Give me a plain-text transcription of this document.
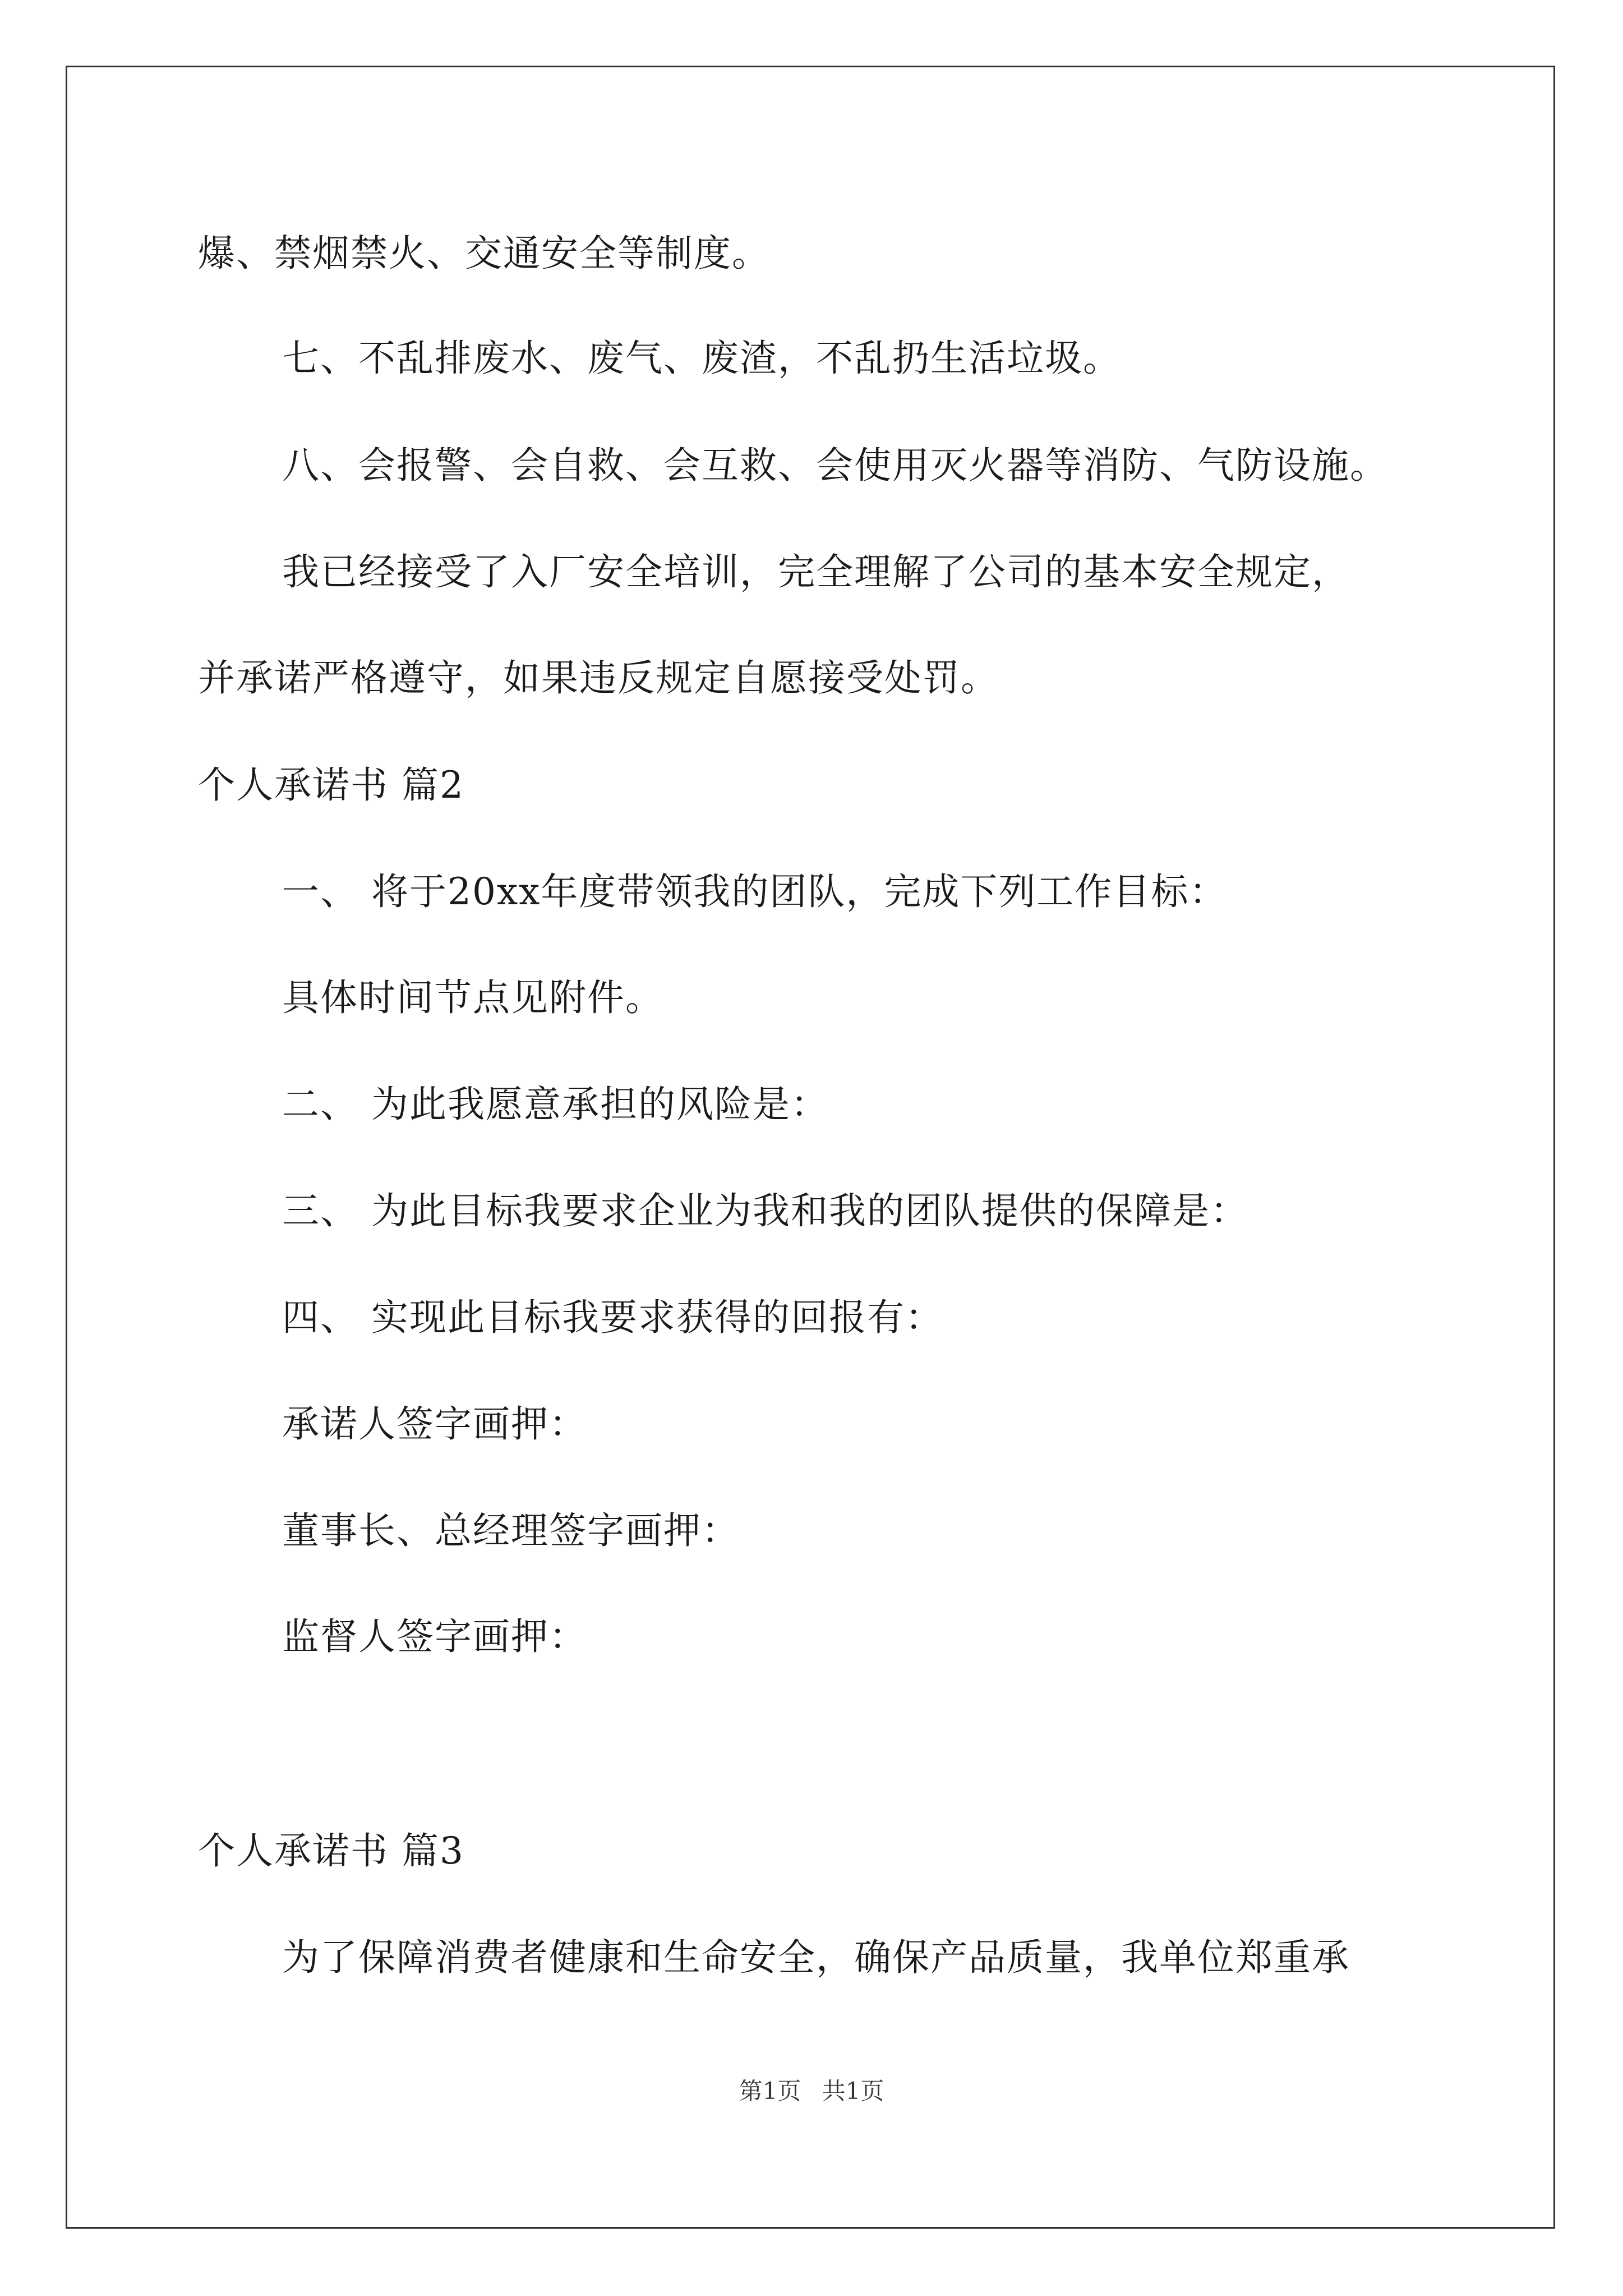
爆、禁烟禁火、交通安全等制度。
七、不乱排废水、废气、废渣，不乱扔生活垃圾。
八、会报警、会自救、会互救、会使用灭火器等消防、气防设施。
我已经接受了入厂安全培训，完全理解了公司的基本安全规定，
并承诺严格遵守，如果违反规定自愿接受处罚。
个人承诺书 篇2
一、 将于20xx年度带领我的团队，完成下列工作目标：
具体时间节点见附件。
二、 为此我愿意承担的风险是：
三、 为此目标我要求企业为我和我的团队提供的保障是：
四、 实现此目标我要求获得的回报有：
承诺人签字画押：
董事长、总经理签字画押：
监督人签字画押：
个人承诺书 篇3
为了保障消费者健康和生命安全，确保产品质量，我单位郑重承
第1页 共1页
